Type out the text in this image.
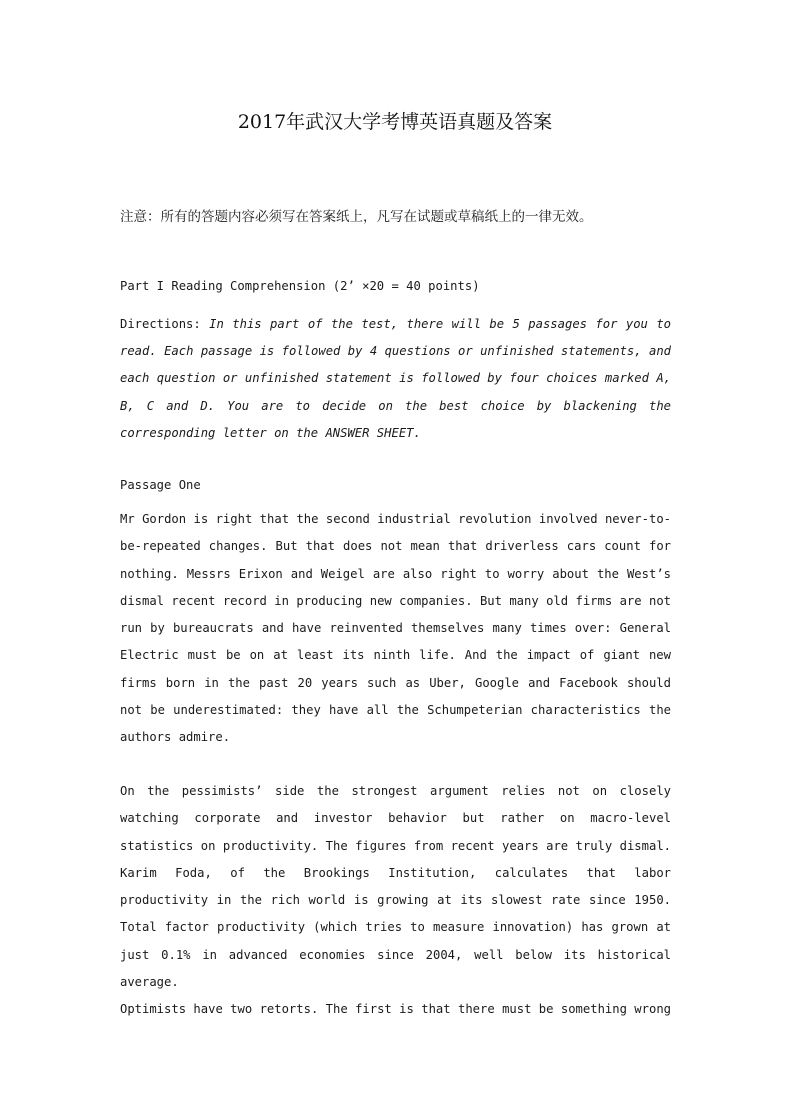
2017年武汉大学考博英语真题及答案
注意：所有的答题内容必须写在答案纸上，凡写在试题或草稿纸上的一律无效。
Part I Reading Comprehension (2’ ×20 = 40 points)
Directions: In this part of the test, there will be 5 passages for you to read. Each passage is followed by 4 questions or unfinished statements, and each question or unfinished statement is followed by four choices marked A, B, C and D. You are to decide on the best choice by blackening the corresponding letter on the ANSWER SHEET.
Passage One

Mr Gordon is right that the second industrial revolution involved never-to-be-repeated changes. But that does not mean that driverless cars count for nothing. Messrs Erixon and Weigel are also right to worry about the West’s dismal recent record in producing new companies. But many old firms are not run by bureaucrats and have reinvented themselves many times over: General Electric must be on at least its ninth life. And the impact of giant new firms born in the past 20 years such as Uber, Google and Facebook should not be underestimated: they have all the Schumpeterian characteristics the authors admire.

On the pessimists’ side the strongest argument relies not on closely watching corporate and investor behavior but rather on macro-level statistics on productivity. The figures from recent years are truly dismal. Karim Foda, of the Brookings Institution, calculates that labor productivity in the rich world is growing at its slowest rate since 1950. Total factor productivity (which tries to measure innovation) has grown at just 0.1% in advanced economies since 2004, well below its historical average.

Optimists have two retorts. The first is that there must be something wrong
